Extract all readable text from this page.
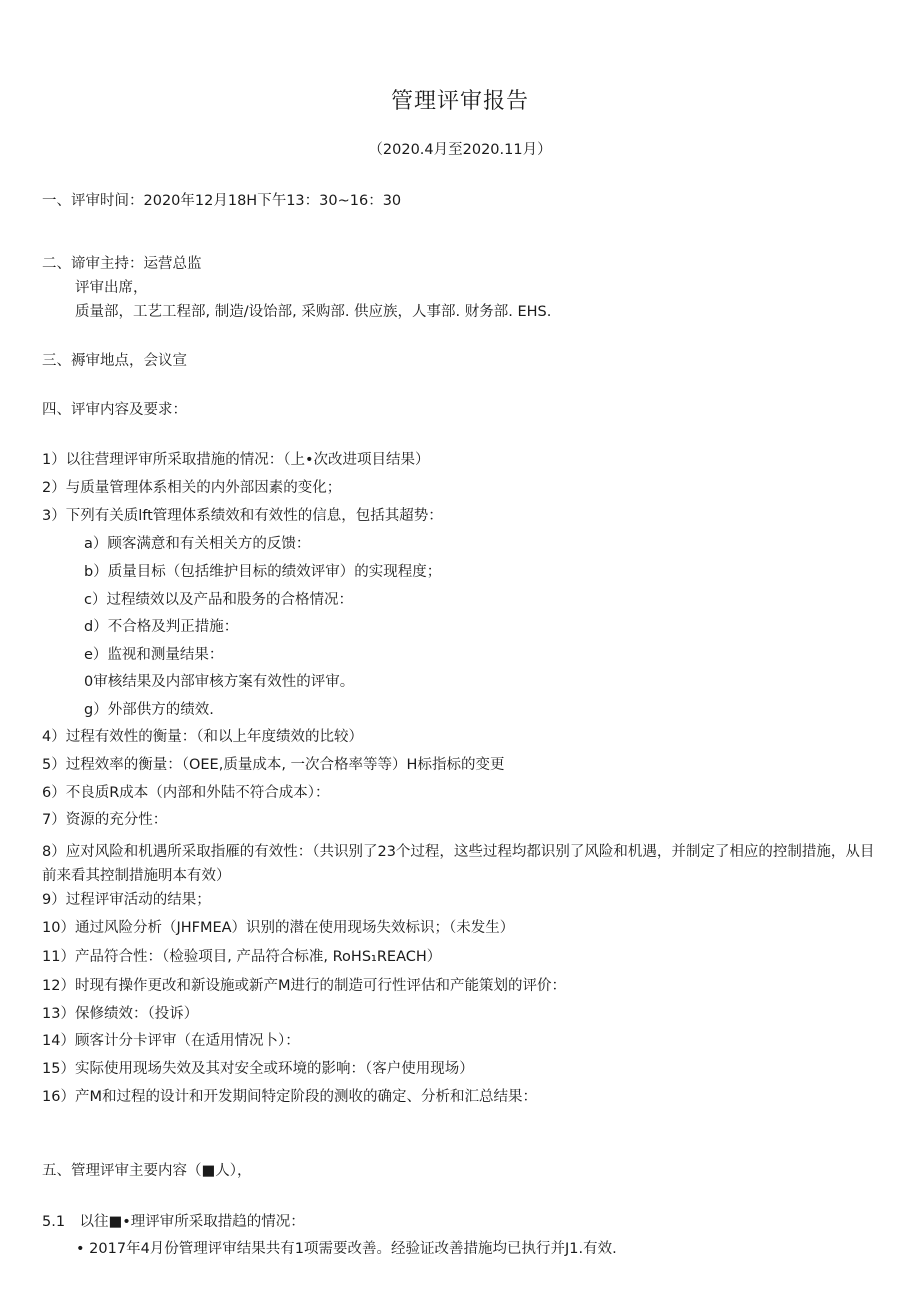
管理评审报告
（2020.4月至2020.11月）
一、评审时间：2020年12月18H下午13：30~16：30
二、谛审主持：运营总监
评审出席，
质量部，工艺工程部, 制造/设饴部, 采购部. 供应族，人事部. 财务部. EHS.
三、褥审地点，会议宣
四、评审内容及要求：
1）以往营理评审所采取措施的情况：（上•次改进项目结果）
2）与质量管理体系相关的内外部因素的变化；
3）下列有关质lft管理体系绩效和有效性的信息，包括其超势：
a）顾客满意和有关相关方的反馈：
b）质量目标（包括维护目标的绩效评审）的实现程度；
c）过程绩效以及产品和股务的合格情况：
d）不合格及判正措施：
e）监视和测量结果：
0审核结果及内部审核方案有效性的评审。
g）外部供方的绩效.
4）过程有效性的衡量：（和以上年度绩效的比较）
5）过程效率的衡量：（OEE,质量成本, 一次合格率等等）H标指标的变更
6）不良质R成本（内部和外陆不符合成本）：
7）资源的充分性：
8）应对风险和机遇所采取指雁的有效性：（共识别了23个过程，这些过程均都识别了风险和机遇，并制定了相应的控制措施，从目前来看其控制措施明本有效）
9）过程评审活动的结果；
10）通过风险分析（JHFMEA）识别的潜在使用现场失效标识；（未发生）
11）产品符合性：（检验项目, 产品符合标准, RoHS₁REACH）
12）时现有操作更改和新设施或新产M进行的制造可行性评估和产能策划的评价：
13）保修绩效：（投诉）
14）顾客计分卡评审（在适用情况卜）：
15）实际使用现场失效及其对安全或环境的影响：（客户使用现场）
16）产M和过程的设计和开发期间特定阶段的测收的确定、分析和汇总结果：
五、管理评审主要内容（■人），
5.1　以往■•理评审所采取措趋的情况：
• 2017年4月份管理评审结果共有1项需要改善。经验证改善措施均已执行并J1.有效.
